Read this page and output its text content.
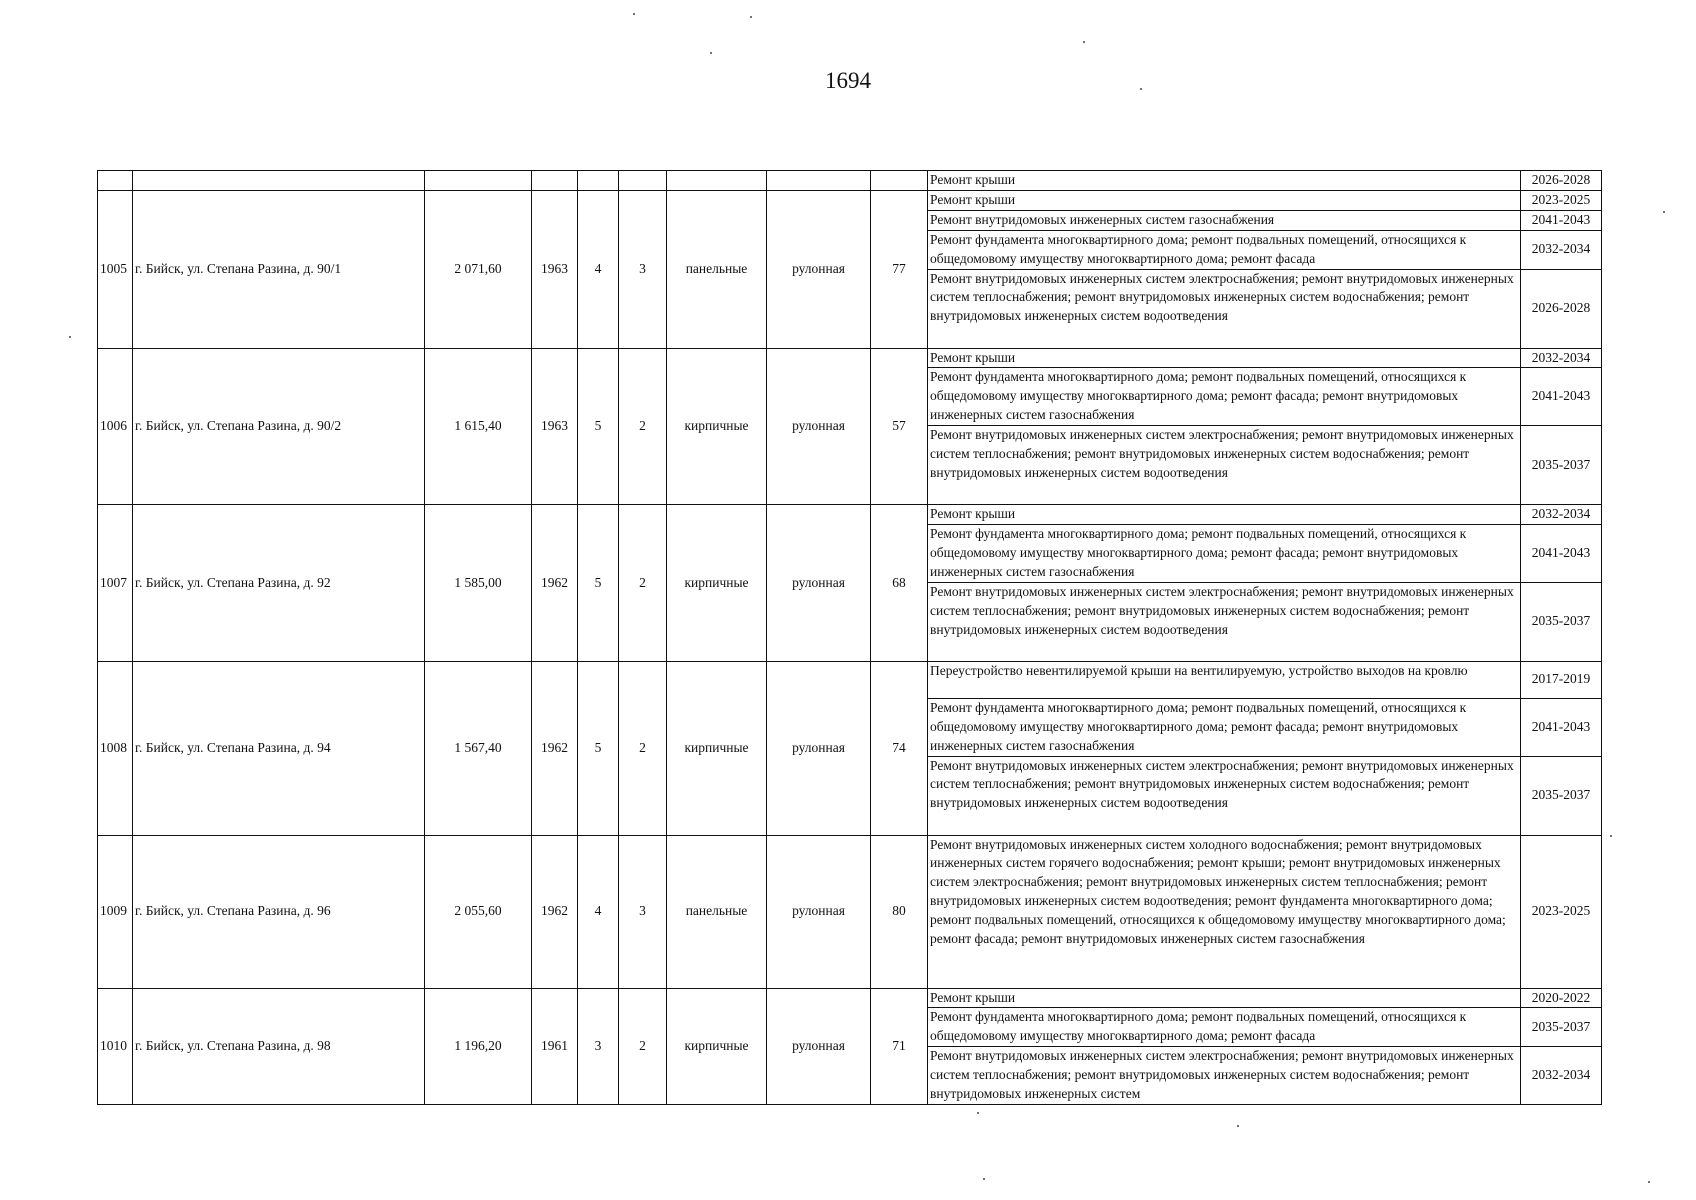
1694
									Ремонт крыши	2026-2028
1005	г. Бийск, ул. Степана Разина, д. 90/1	2 071,60	1963	4	3	панельные	рулонная	77	Ремонт крыши	2023-2025
									Ремонт внутридомовых инженерных систем газоснабжения	2041-2043
									Ремонт фундамента многоквартирного дома; ремонт подвальных помещений, относящихся к общедомовому имуществу многоквартирного дома; ремонт фасада	2032-2034
									Ремонт внутридомовых инженерных систем электроснабжения; ремонт внутридомовых инженерных систем теплоснабжения; ремонт внутридомовых инженерных систем водоснабжения; ремонт внутридомовых инженерных систем водоотведения	2026-2028
1006	г. Бийск, ул. Степана Разина, д. 90/2	1 615,40	1963	5	2	кирпичные	рулонная	57	Ремонт крыши	2032-2034
									Ремонт фундамента многоквартирного дома; ремонт подвальных помещений, относящихся к общедомовому имуществу многоквартирного дома; ремонт фасада; ремонт внутридомовых инженерных систем газоснабжения	2041-2043
									Ремонт внутридомовых инженерных систем электроснабжения; ремонт внутридомовых инженерных систем теплоснабжения; ремонт внутридомовых инженерных систем водоснабжения; ремонт внутридомовых инженерных систем водоотведения	2035-2037
1007	г. Бийск, ул. Степана Разина, д. 92	1 585,00	1962	5	2	кирпичные	рулонная	68	Ремонт крыши	2032-2034
									Ремонт фундамента многоквартирного дома; ремонт подвальных помещений, относящихся к общедомовому имуществу многоквартирного дома; ремонт фасада; ремонт внутридомовых инженерных систем газоснабжения	2041-2043
									Ремонт внутридомовых инженерных систем электроснабжения; ремонт внутридомовых инженерных систем теплоснабжения; ремонт внутридомовых инженерных систем водоснабжения; ремонт внутридомовых инженерных систем водоотведения	2035-2037
1008	г. Бийск, ул. Степана Разина, д. 94	1 567,40	1962	5	2	кирпичные	рулонная	74	Переустройство невентилируемой крыши на вентилируемую, устройство выходов на кровлю	2017-2019
									Ремонт фундамента многоквартирного дома; ремонт подвальных помещений, относящихся к общедомовому имуществу многоквартирного дома; ремонт фасада; ремонт внутридомовых инженерных систем газоснабжения	2041-2043
									Ремонт внутридомовых инженерных систем электроснабжения; ремонт внутридомовых инженерных систем теплоснабжения; ремонт внутридомовых инженерных систем водоснабжения; ремонт внутридомовых инженерных систем водоотведения	2035-2037
1009	г. Бийск, ул. Степана Разина, д. 96	2 055,60	1962	4	3	панельные	рулонная	80	Ремонт внутридомовых инженерных систем холодного водоснабжения; ремонт внутридомовых инженерных систем горячего водоснабжения; ремонт крыши; ремонт внутридомовых инженерных систем электроснабжения; ремонт внутридомовых инженерных систем теплоснабжения; ремонт внутридомовых инженерных систем водоотведения; ремонт фундамента многоквартирного дома; ремонт подвальных помещений, относящихся к общедомовому имуществу многоквартирного дома; ремонт фасада; ремонт внутридомовых инженерных систем газоснабжения	2023-2025
1010	г. Бийск, ул. Степана Разина, д. 98	1 196,20	1961	3	2	кирпичные	рулонная	71	Ремонт крыши	2020-2022
									Ремонт фундамента многоквартирного дома; ремонт подвальных помещений, относящихся к общедомовому имуществу многоквартирного дома; ремонт фасада	2035-2037
									Ремонт внутридомовых инженерных систем электроснабжения; ремонт внутридомовых инженерных систем теплоснабжения; ремонт внутридомовых инженерных систем водоснабжения; ремонт внутридомовых инженерных систем	2032-2034
